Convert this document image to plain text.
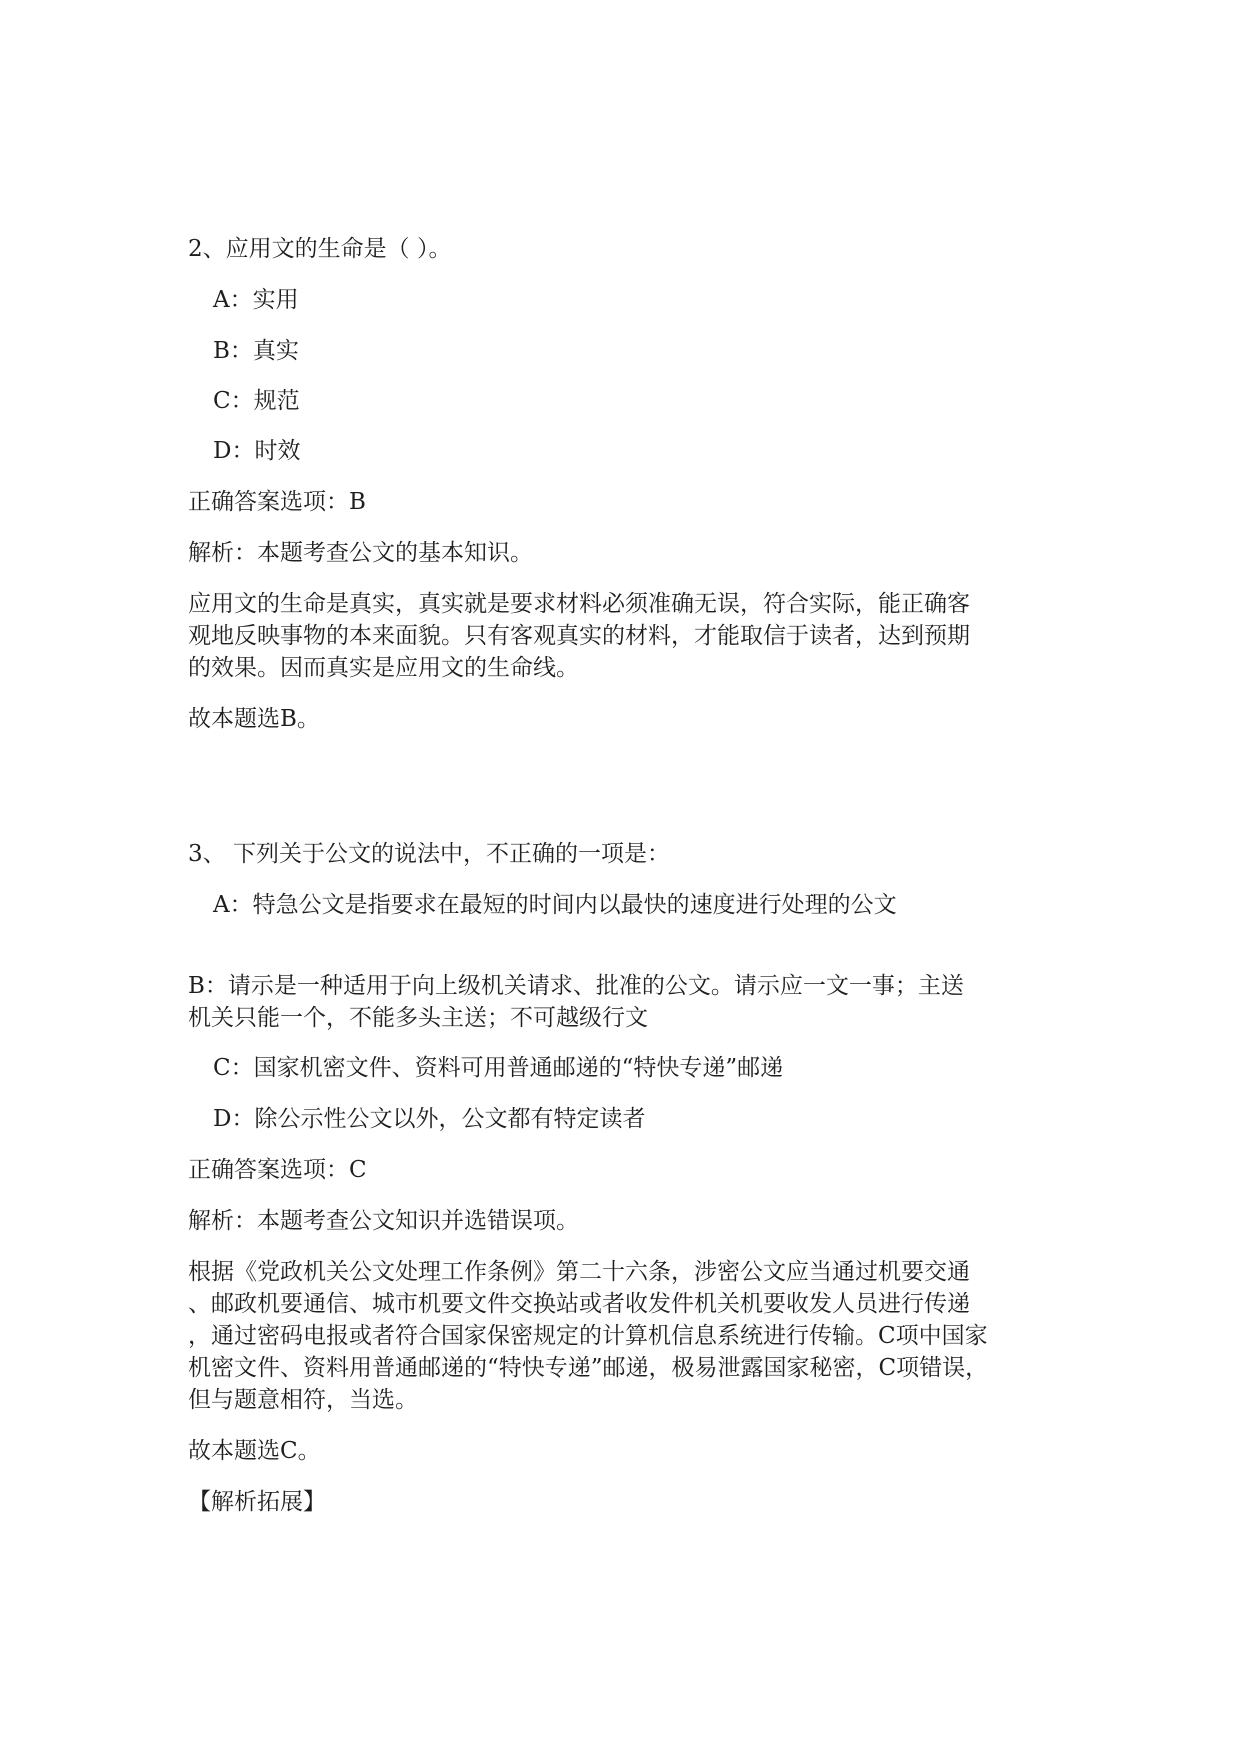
2、应用文的生命是（ ）。

A：实用

B：真实

C：规范

D：时效

正确答案选项：B

解析：本题考查公文的基本知识。

应用文的生命是真实，真实就是要求材料必须准确无误，符合实际，能正确客
观地反映事物的本来面貌。只有客观真实的材料，才能取信于读者，达到预期
的效果。因而真实是应用文的生命线。

故本题选B。

3、 下列关于公文的说法中，不正确的一项是：

A：特急公文是指要求在最短的时间内以最快的速度进行处理的公文

B：请示是一种适用于向上级机关请求、批准的公文。请示应一文一事；主送
机关只能一个，不能多头主送；不可越级行文

C：国家机密文件、资料可用普通邮递的“特快专递”邮递

D：除公示性公文以外，公文都有特定读者

正确答案选项：C

解析：本题考查公文知识并选错误项。

根据《党政机关公文处理工作条例》第二十六条，涉密公文应当通过机要交通
、邮政机要通信、城市机要文件交换站或者收发件机关机要收发人员进行传递
，通过密码电报或者符合国家保密规定的计算机信息系统进行传输。C项中国家
机密文件、资料用普通邮递的“特快专递”邮递，极易泄露国家秘密，C项错误，
但与题意相符，当选。

故本题选C。

【解析拓展】
